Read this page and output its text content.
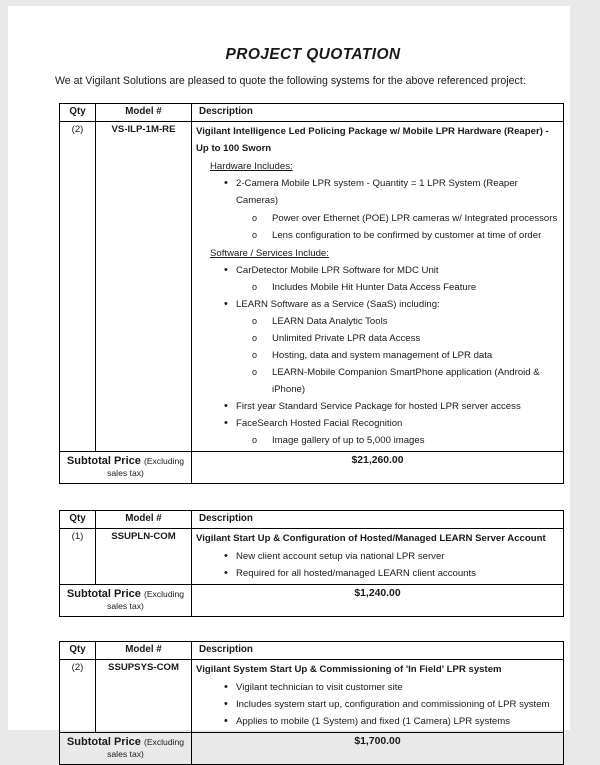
PROJECT QUOTATION
We at Vigilant Solutions are pleased to quote the following systems for the above referenced project:
Qty	Model #	Description
(2)	VS-ILP-1M-RE	Vigilant Intelligence Led Policing Package w/ Mobile LPR Hardware (Reaper) - Up to 100 Sworn
Hardware Includes:
• 2-Camera Mobile LPR system - Quantity = 1 LPR System (Reaper Cameras)
o Power over Ethernet (POE) LPR cameras w/ Integrated processors
o Lens configuration to be confirmed by customer at time of order
Software / Services Include:
• CarDetector Mobile LPR Software for MDC Unit
o Includes Mobile Hit Hunter Data Access Feature
• LEARN Software as a Service (SaaS) including:
o LEARN Data Analytic Tools
o Unlimited Private LPR data Access
o Hosting, data and system management of LPR data
o LEARN-Mobile Companion SmartPhone application (Android & iPhone)
• First year Standard Service Package for hosted LPR server access
• FaceSearch Hosted Facial Recognition
o Image gallery of up to 5,000 images

Subtotal Price (Excluding sales tax)		$21,260.00
Qty	Model #	Description
(1)	SSUPLN-COM	Vigilant Start Up & Configuration of Hosted/Managed LEARN Server Account
• New client account setup via national LPR server
• Required for all hosted/managed LEARN client accounts

Subtotal Price (Excluding sales tax)		$1,240.00
Qty	Model #	Description
(2)	SSUPSYS-COM	Vigilant System Start Up & Commissioning of 'In Field' LPR system
• Vigilant technician to visit customer site
• Includes system start up, configuration and commissioning of LPR system
• Applies to mobile (1 System) and fixed (1 Camera) LPR systems

Subtotal Price (Excluding sales tax)		$1,700.00
